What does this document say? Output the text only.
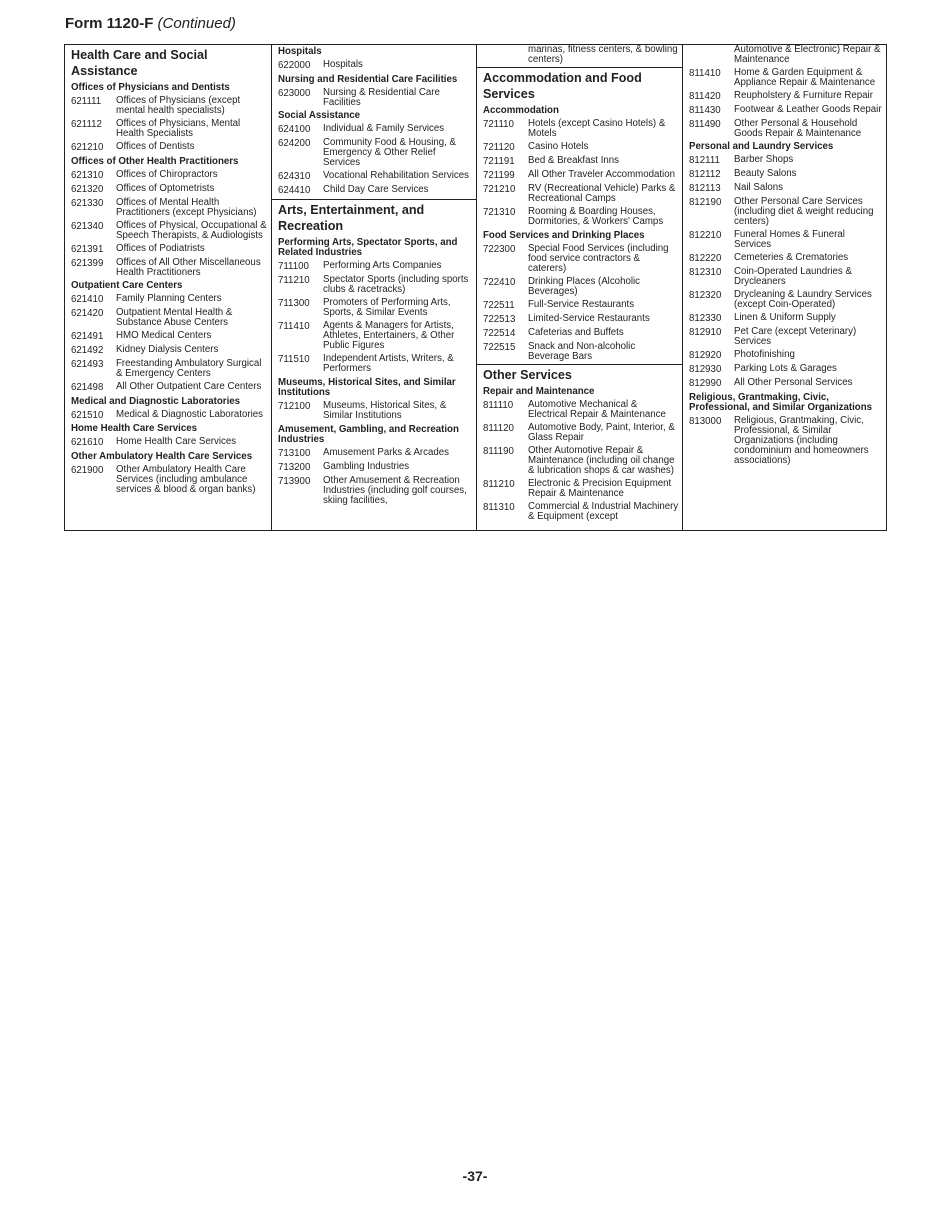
Form 1120-F (Continued)
Health Care and Social
Assistance
Offices of Physicians and Dentists
621111	Offices of Physicians (except mental health specialists)
621112	Offices of Physicians, Mental Health Specialists
621210	Offices of Dentists
Offices of Other Health Practitioners
621310	Offices of Chiropractors
621320	Offices of Optometrists
621330	Offices of Mental Health Practitioners (except Physicians)
621340	Offices of Physical, Occupational & Speech Therapists, & Audiologists
621391	Offices of Podiatrists
621399	Offices of All Other Miscellaneous Health Practitioners
Outpatient Care Centers
621410	Family Planning Centers
621420	Outpatient Mental Health & Substance Abuse Centers
621491	HMO Medical Centers
621492	Kidney Dialysis Centers
621493	Freestanding Ambulatory Surgical & Emergency Centers
621498	All Other Outpatient Care Centers
Medical and Diagnostic Laboratories
621510	Medical & Diagnostic Laboratories
Home Health Care Services
621610	Home Health Care Services
Other Ambulatory Health Care Services
621900	Other Ambulatory Health Care Services (including ambulance services & blood & organ banks)
Hospitals
622000	Hospitals
Nursing and Residential Care Facilities
623000	Nursing & Residential Care Facilities
Social Assistance
624100	Individual & Family Services
624200	Community Food & Housing, & Emergency & Other Relief Services
624310	Vocational Rehabilitation Services
624410	Child Day Care Services
Arts, Entertainment, and
Recreation
Performing Arts, Spectator Sports, and Related Industries
711100	Performing Arts Companies
711210	Spectator Sports (including sports clubs & racetracks)
711300	Promoters of Performing Arts, Sports, & Similar Events
711410	Agents & Managers for Artists, Athletes, Entertainers, & Other Public Figures
711510	Independent Artists, Writers, & Performers
Museums, Historical Sites, and Similar Institutions
712100	Museums, Historical Sites, & Similar Institutions
Amusement, Gambling, and Recreation Industries
713100	Amusement Parks & Arcades
713200	Gambling Industries
713900	Other Amusement & Recreation Industries (including golf courses, skiing facilities,
marinas, fitness centers, & bowling centers)
Accommodation and Food
Services
Accommodation
721110	Hotels (except Casino Hotels) & Motels
721120	Casino Hotels
721191	Bed & Breakfast Inns
721199	All Other Traveler Accommodation
721210	RV (Recreational Vehicle) Parks & Recreational Camps
721310	Rooming & Boarding Houses, Dormitories, & Workers' Camps
Food Services and Drinking Places
722300	Special Food Services (including food service contractors & caterers)
722410	Drinking Places (Alcoholic Beverages)
722511	Full-Service Restaurants
722513	Limited-Service Restaurants
722514	Cafeterias and Buffets
722515	Snack and Non-alcoholic Beverage Bars
Other Services
Repair and Maintenance
811110	Automotive Mechanical & Electrical Repair & Maintenance
811120	Automotive Body, Paint, Interior, & Glass Repair
811190	Other Automotive Repair & Maintenance (including oil change & lubrication shops & car washes)
811210	Electronic & Precision Equipment Repair & Maintenance
811310	Commercial & Industrial Machinery & Equipment (except
Automotive & Electronic) Repair & Maintenance
811410	Home & Garden Equipment & Appliance Repair & Maintenance
811420	Reupholstery & Furniture Repair
811430	Footwear & Leather Goods Repair
811490	Other Personal & Household Goods Repair & Maintenance
Personal and Laundry Services
812111	Barber Shops
812112	Beauty Salons
812113	Nail Salons
812190	Other Personal Care Services (including diet & weight reducing centers)
812210	Funeral Homes & Funeral Services
812220	Cemeteries & Crematories
812310	Coin-Operated Laundries & Drycleaners
812320	Drycleaning & Laundry Services (except Coin-Operated)
812330	Linen & Uniform Supply
812910	Pet Care (except Veterinary) Services
812920	Photofinishing
812930	Parking Lots & Garages
812990	All Other Personal Services
Religious, Grantmaking, Civic, Professional, and Similar Organizations
813000	Religious, Grantmaking, Civic, Professional, & Similar Organizations (including condominium and homeowners associations)
-37-
